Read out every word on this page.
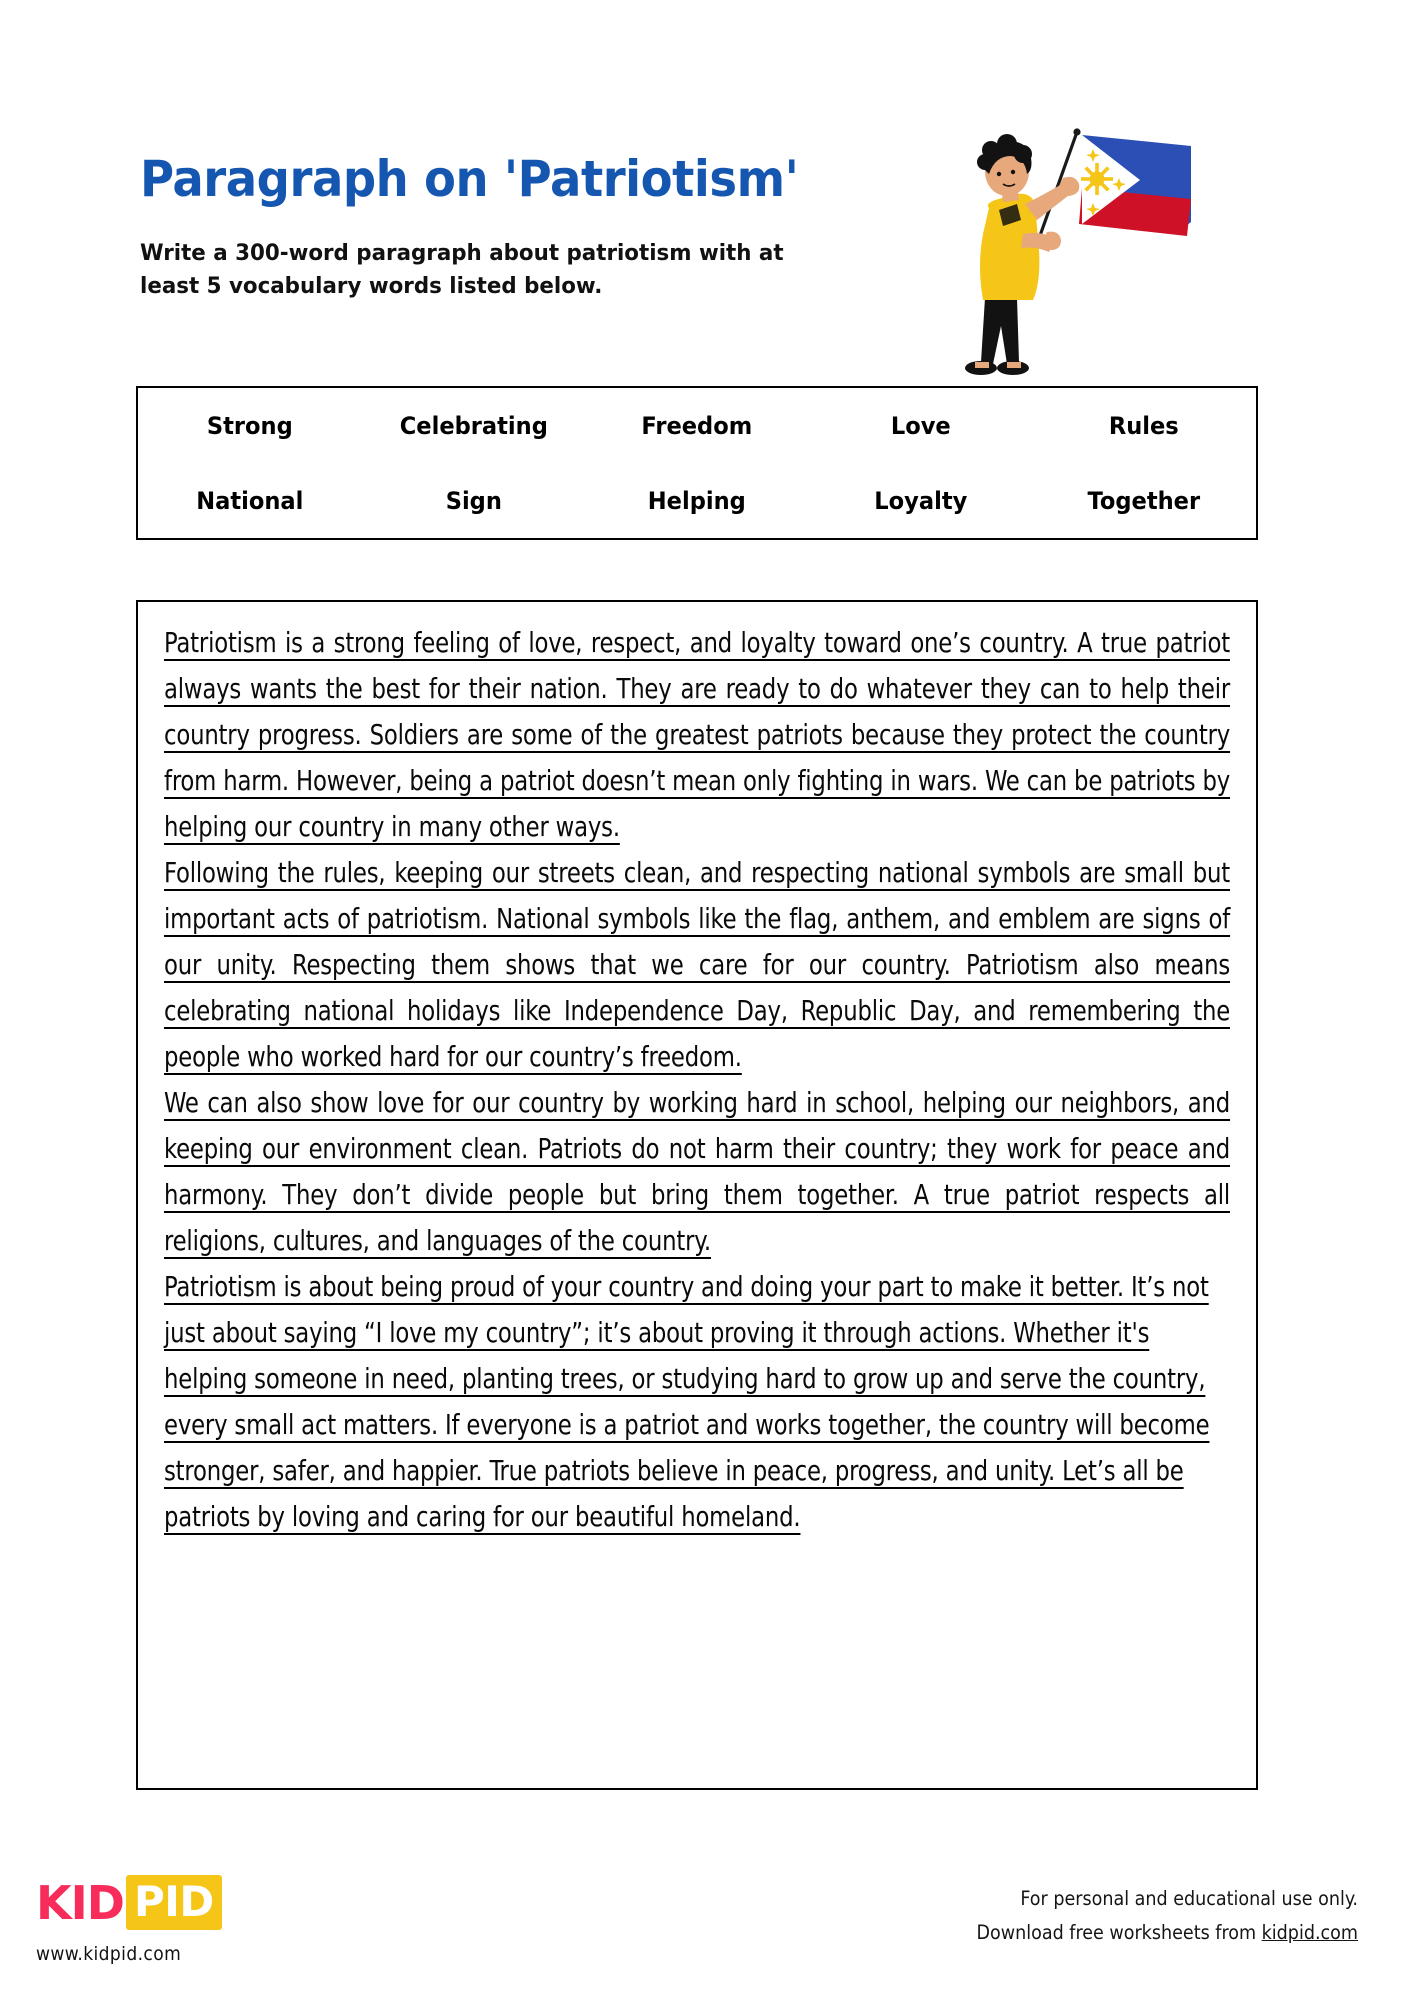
Paragraph on 'Patriotism'
Write a 300-word paragraph about patriotism with at least 5 vocabulary words listed below.
Strong	Celebrating	Freedom	Love	Rules
National	Sign	Helping	Loyalty	Together

Patriotism is a strong feeling of love, respect, and loyalty toward one’s country. A true patriot always wants the best for their nation. They are ready to do whatever they can to help their country progress. Soldiers are some of the greatest patriots because they protect the country from harm. However, being a patriot doesn’t mean only fighting in wars. We can be patriots by helping our country in many other ways.

Following the rules, keeping our streets clean, and respecting national symbols are small but important acts of patriotism. National symbols like the flag, anthem, and emblem are signs of our unity. Respecting them shows that we care for our country. Patriotism also means celebrating national holidays like Independence Day, Republic Day, and remembering the people who worked hard for our country’s freedom.

We can also show love for our country by working hard in school, helping our neighbors, and keeping our environment clean. Patriots do not harm their country; they work for peace and harmony. They don’t divide people but bring them together. A true patriot respects all religions, cultures, and languages of the country.

Patriotism is about being proud of your country and doing your part to make it better. It’s not just about saying “I love my country”; it’s about proving it through actions. Whether it's helping someone in need, planting trees, or studying hard to grow up and serve the country, every small act matters. If everyone is a patriot and works together, the country will become stronger, safer, and happier. True patriots believe in peace, progress, and unity. Let’s all be patriots by loving and caring for our beautiful homeland.

KID PID
www.kidpid.com
For personal and educational use only.
Download free worksheets from kidpid.com
